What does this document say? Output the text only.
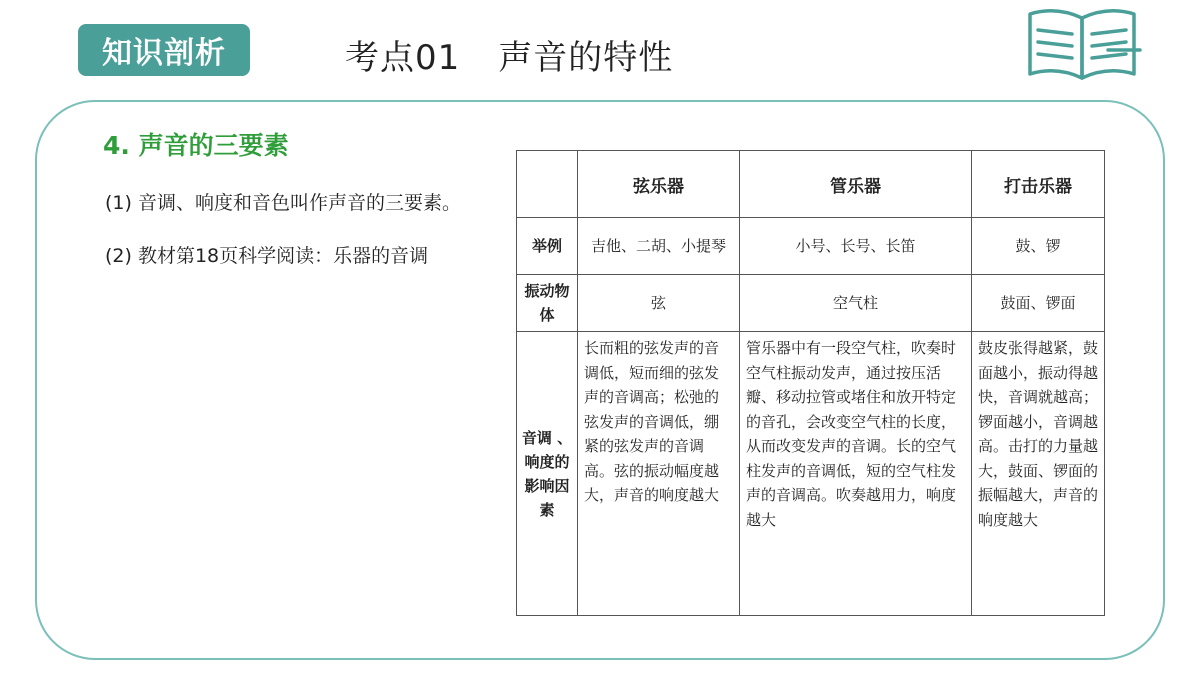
知识剖析	考点01 声音的特性
4. 声音的三要素
(1) 音调、响度和音色叫作声音的三要素。
(2) 教材第18页科学阅读：乐器的音调
	弦乐器	管乐器	打击乐器
举例	吉他、二胡、小提琴	小号、长号、长笛	鼓、锣
振动物体	弦	空气柱	鼓面、锣面
音调 、响度的影响因素	长而粗的弦发声的音调低，短而细的弦发声的音调高；松弛的弦发声的音调低，绷紧的弦发声的音调高。弦的振动幅度越大，声音的响度越大	管乐器中有一段空气柱，吹奏时空气柱振动发声，通过按压活瓣、移动拉管或堵住和放开特定的音孔，会改变空气柱的长度，从而改变发声的音调。长的空气柱发声的音调低，短的空气柱发声的音调高。吹奏越用力，响度越大	鼓皮张得越紧，鼓面越小，振动得越快，音调就越高；锣面越小，音调越高。击打的力量越大，鼓面、锣面的振幅越大，声音的响度越大
